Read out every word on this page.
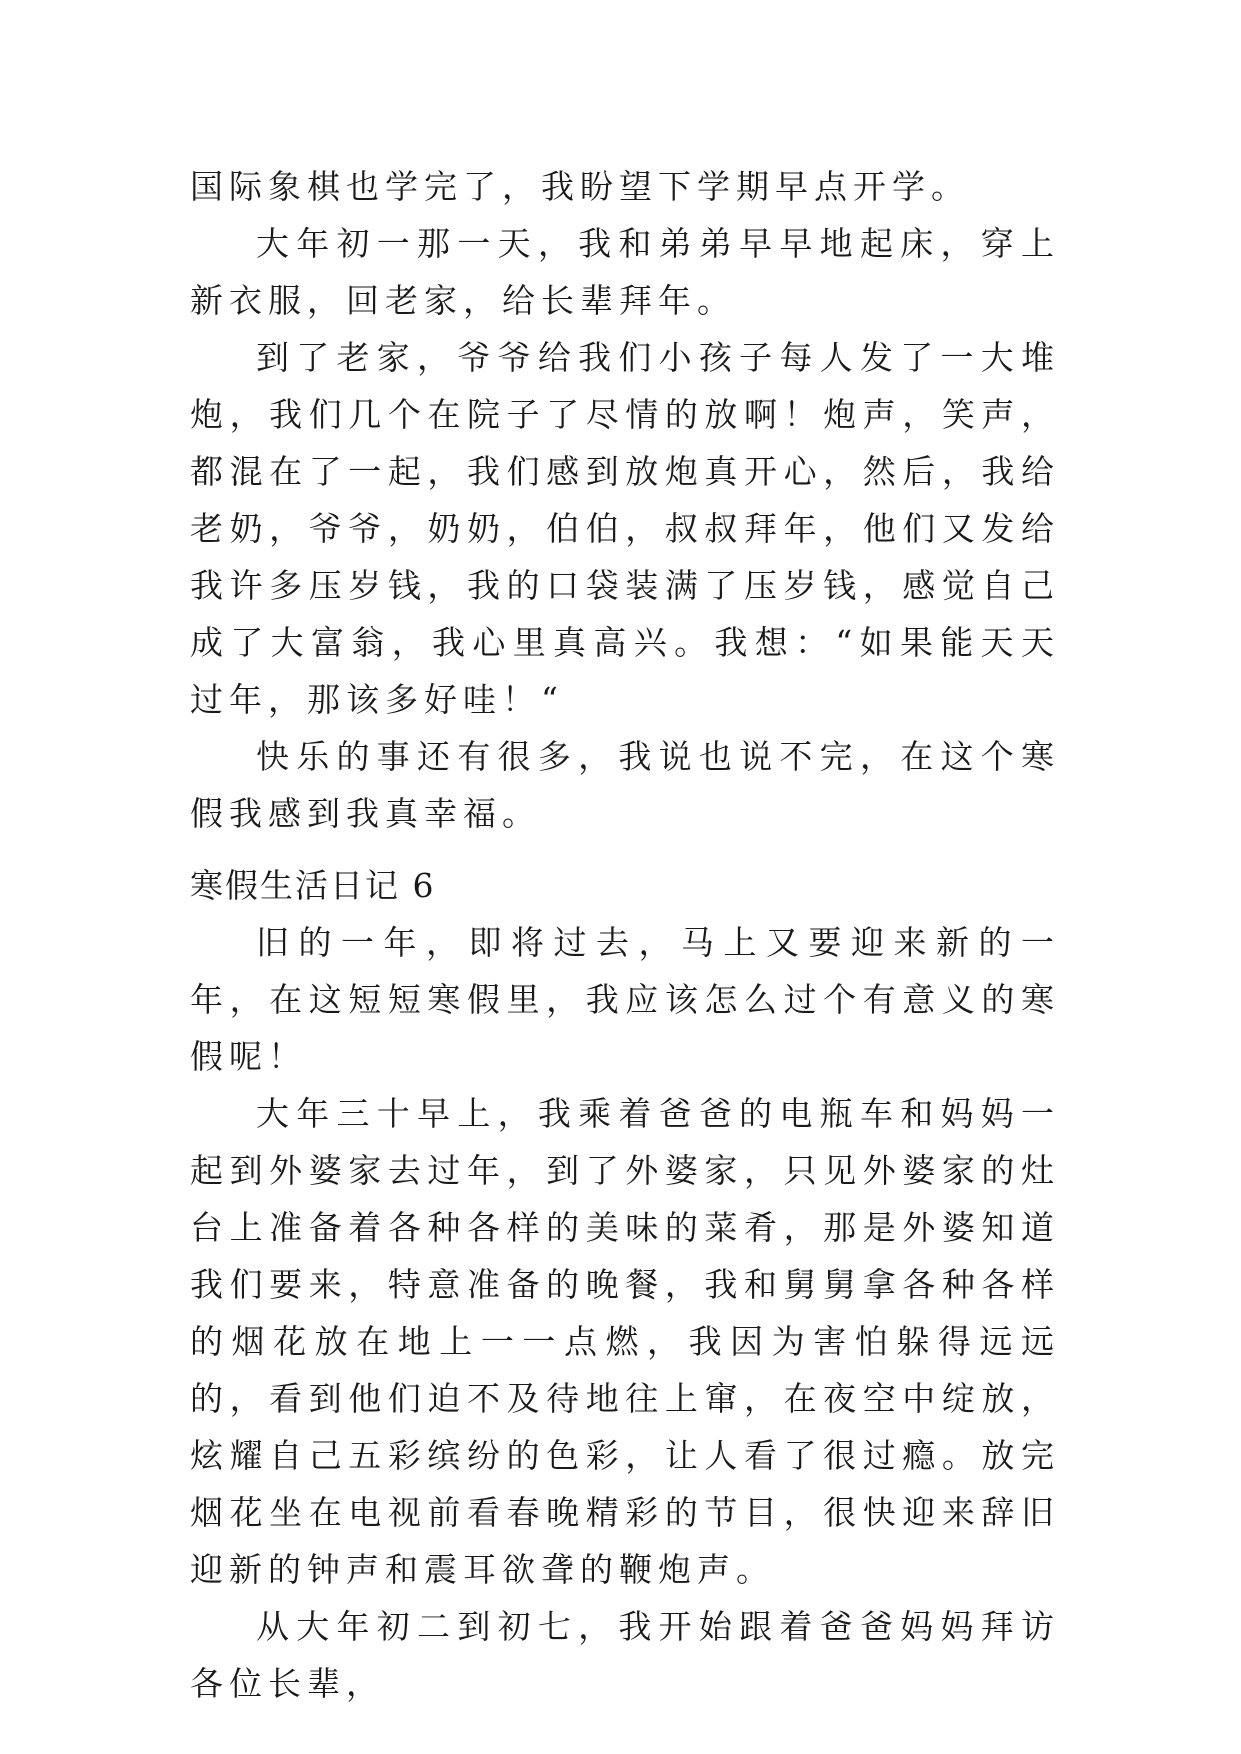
国际象棋也学完了，我盼望下学期早点开学。

大年初一那一天，我和弟弟早早地起床，穿上新衣服，回老家，给长辈拜年。

到了老家，爷爷给我们小孩子每人发了一大堆炮，我们几个在院子了尽情的放啊！炮声，笑声，都混在了一起，我们感到放炮真开心，然后，我给老奶，爷爷，奶奶，伯伯，叔叔拜年，他们又发给我许多压岁钱，我的口袋装满了压岁钱，感觉自己成了大富翁，我心里真高兴。我想：“如果能天天过年，那该多好哇！“

快乐的事还有很多，我说也说不完，在这个寒假我感到我真幸福。

寒假生活日记 6

旧的一年，即将过去，马上又要迎来新的一年，在这短短寒假里，我应该怎么过个有意义的寒假呢！

大年三十早上，我乘着爸爸的电瓶车和妈妈一起到外婆家去过年，到了外婆家，只见外婆家的灶台上准备着各种各样的美味的菜肴，那是外婆知道我们要来，特意准备的晚餐，我和舅舅拿各种各样的烟花放在地上一一点燃，我因为害怕躲得远远的，看到他们迫不及待地往上窜，在夜空中绽放，炫耀自己五彩缤纷的色彩，让人看了很过瘾。放完烟花坐在电视前看春晚精彩的节目，很快迎来辞旧迎新的钟声和震耳欲聋的鞭炮声。

从大年初二到初七，我开始跟着爸爸妈妈拜访各位长辈，
